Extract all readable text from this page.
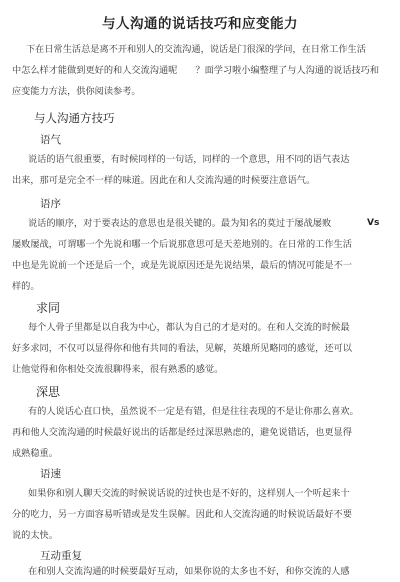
与人沟通的说话技巧和应变能力
下在日常生活总是离不开和别人的交流沟通，说话是门很深的学问，在日常工作生活
中怎么样才能做到更好的和人交流沟通呢 ？面学习啦小编整理了与人沟通的说话技巧和
应变能力方法，供你阅读参考。
与人沟通方技巧
语气
说话的语气很重要，有时候同样的一句话，同样的一个意思，用不同的语气表达
出来，那可是完全不一样的味道。因此在和人交流沟通的时候要注意语气。
语序
说话的顺序，对于要表达的意思也是很关键的。最为知名的莫过于屡战屡败	Vs
屡败屡战，可谓哪一个先说和哪一个后说那意思可是天差地别的。在日常的工作生活
中也是先说前一个还是后一个，或是先说原因还是先说结果，最后的情况可能是不一
样的。
求同
每个人骨子里都是以自我为中心，都认为自己的才是对的。在和人交流的时候最
好多求同，不仅可以显得你和他有共同的看法，见解，英雄所见略同的感觉，还可以
让他觉得和你相处交流很聊得来，很有熟悉的感觉。
深思
有的人说话心直口快，虽然说不一定是有错，但是往往表现的不是让你那么喜欢。
再和他人交流沟通的时候最好说出的话都是经过深思熟虑的，避免说错话，也更显得
成熟稳重。
语速
如果你和别人聊天交流的时候说话说的过快也是不好的，这样别人一个听起来十
分的吃力，另一方面容易听错或是发生误解。因此和人交流沟通的时候说话最好不要
说的太快。
互动重复
在和别人交流沟通的时候要最好互动，如果你说的太多也不好，和你交流的人感
